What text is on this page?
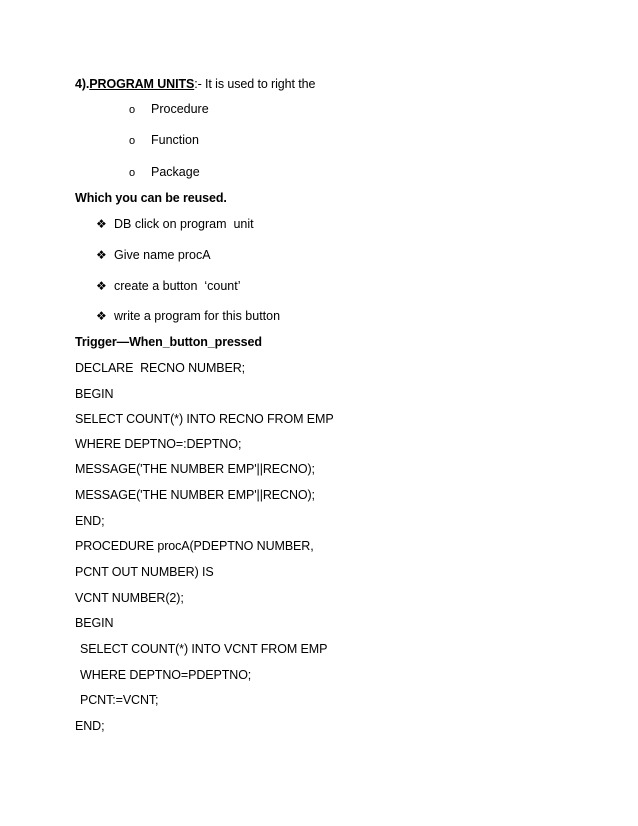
4).PROGRAM UNITS:- It is used to right the
o Procedure
o Function
o Package
Which you can be reused.
❖ DB click on program  unit
❖ Give name procA
❖ create a button  ‘count’
❖ write a program for this button
Trigger—When_button_pressed
DECLARE  RECNO NUMBER;
BEGIN
SELECT COUNT(*) INTO RECNO FROM EMP
WHERE DEPTNO=:DEPTNO;
MESSAGE('THE NUMBER EMP'||RECNO);
MESSAGE('THE NUMBER EMP'||RECNO);
END;
PROCEDURE procA(PDEPTNO NUMBER,
PCNT OUT NUMBER) IS
VCNT NUMBER(2);
BEGIN
SELECT COUNT(*) INTO VCNT FROM EMP
WHERE DEPTNO=PDEPTNO;
PCNT:=VCNT;
END;
